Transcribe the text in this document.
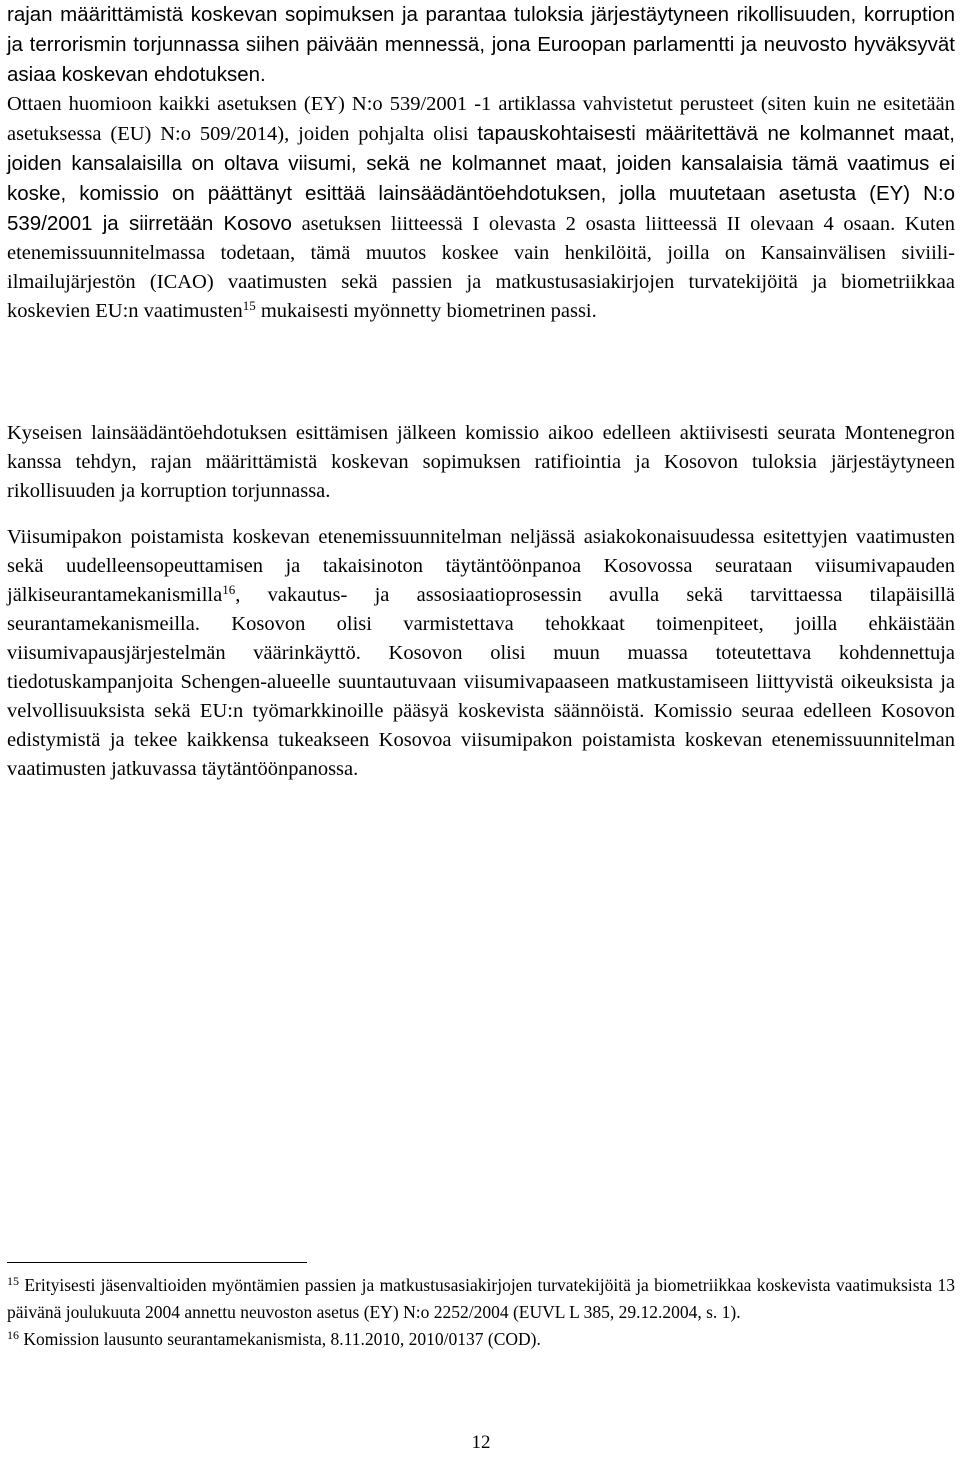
rajan määrittämistä koskevan sopimuksen ja parantaa tuloksia järjestäytyneen rikollisuuden, korruption ja terrorismin torjunnassa siihen päivään mennessä, jona Euroopan parlamentti ja neuvosto hyväksyvät asiaa koskevan ehdotuksen.
Ottaen huomioon kaikki asetuksen (EY) N:o 539/2001 -1 artiklassa vahvistetut perusteet (siten kuin ne esitetään asetuksessa (EU) N:o 509/2014), joiden pohjalta olisi tapauskohtaisesti määritettävä ne kolmannet maat, joiden kansalaisilla on oltava viisumi, sekä ne kolmannet maat, joiden kansalaisia tämä vaatimus ei koske, komissio on päättänyt esittää lainsäädäntöehdotuksen, jolla muutetaan asetusta (EY) N:o 539/2001 ja siirretään Kosovo asetuksen liitteessä I olevasta 2 osasta liitteessä II olevaan 4 osaan. Kuten etenemissuunnitelmassa todetaan, tämä muutos koskee vain henkilöitä, joilla on Kansainvälisen siviili-ilmailujärjestön (ICAO) vaatimusten sekä passien ja matkustusasiakirjojen turvatekijöitä ja biometriikkaa koskevien EU:n vaatimusten$^{15}$ mukaisesti myönnetty biometrinen passi.

Kyseisen lainsäädäntöehdotuksen esittämisen jälkeen komissio aikoo edelleen aktiivisesti seurata Montenegron kanssa tehdyn, rajan määrittämistä koskevan sopimuksen ratifiointia ja Kosovon tuloksia järjestäytyneen rikollisuuden ja korruption torjunnassa.

Viisumipakon poistamista koskevan etenemissuunnitelman neljässä asiakokonaisuudessa esitettyjen vaatimusten sekä uudelleensopeuttamisen ja takaisinoton täytäntöönpanoa Kosovossa seurataan viisumivapauden jälkiseurantamekanismilla$^{16}$, vakautus- ja assosiaatioprosessin avulla sekä tarvittaessa tilapäisillä seurantamekanismeilla. Kosovon olisi varmistettava tehokkaat toimenpiteet, joilla ehkäistään viisumivapausjärjestelmän väärinkäyttö. Kosovon olisi muun muassa toteutettava kohdennettuja tiedotuskampanjoita Schengen-alueelle suuntautuvaan viisumivapaaseen matkustamiseen liittyvistä oikeuksista ja velvollisuuksista sekä EU:n työmarkkinoille pääsyä koskevista säännöistä. Komissio seuraa edelleen Kosovon edistymistä ja tekee kaikkensa tukeakseen Kosovoa viisumipakon poistamista koskevan etenemissuunnitelman vaatimusten jatkuvassa täytäntöönpanossa.

$^{15}$ Erityisesti jäsenvaltioiden myöntämien passien ja matkustusasiakirjojen turvatekijöitä ja biometriikkaa koskevista vaatimuksista 13 päivänä joulukuuta 2004 annettu neuvoston asetus (EY) N:o 2252/2004 (EUVL L 385, 29.12.2004, s. 1).

$^{16}$ Komission lausunto seurantamekanismista, 8.11.2010, 2010/0137 (COD).

12
